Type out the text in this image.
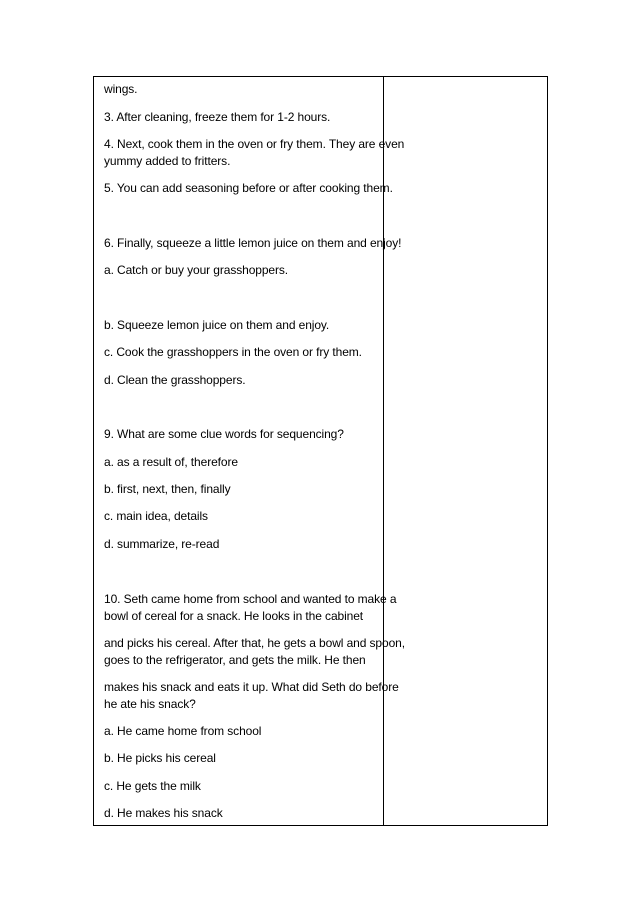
wings.
3. After cleaning, freeze them for 1-2 hours.
4. Next, cook them in the oven or fry them. They are even
yummy added to fritters.
5. You can add seasoning before or after cooking them.
6. Finally, squeeze a little lemon juice on them and enjoy!
a. Catch or buy your grasshoppers.
b. Squeeze lemon juice on them and enjoy.
c. Cook the grasshoppers in the oven or fry them.
d. Clean the grasshoppers.
9. What are some clue words for sequencing?
a. as a result of, therefore
b. first, next, then, finally
c. main idea, details
d. summarize, re-read
10. Seth came home from school and wanted to make a
bowl of cereal for a snack. He looks in the cabinet
and picks his cereal. After that, he gets a bowl and spoon,
goes to the refrigerator, and gets the milk. He then
makes his snack and eats it up. What did Seth do before
he ate his snack?
a. He came home from school
b. He picks his cereal
c. He gets the milk
d. He makes his snack
